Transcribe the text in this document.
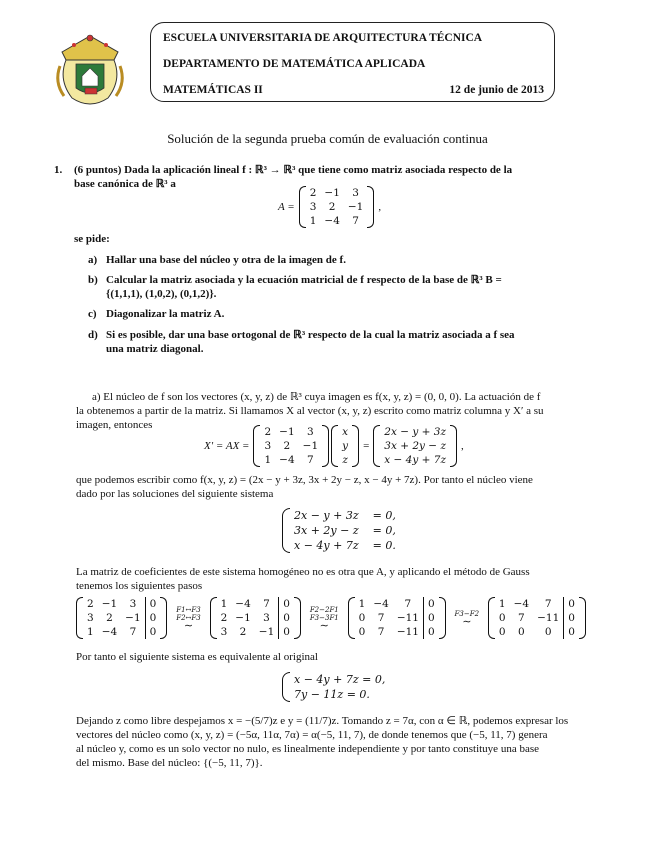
ESCUELA UNIVERSITARIA DE ARQUITECTURA TÉCNICA
DEPARTAMENTO DE MATEMÁTICA APLICADA
MATEMÁTICAS II	12 de junio de 2013
Solución de la segunda prueba común de evaluación continua
1. (6 puntos) Dada la aplicación lineal f : ℝ³ → ℝ³ que tiene como matriz asociada respecto de la
base canónica de ℝ³ a
A =
2	−1	3
3	2	−1
1	−4	7
,
se pide:
a) Hallar una base del núcleo y otra de la imagen de f.
b) Calcular la matriz asociada y la ecuación matricial de f respecto de la base de ℝ³ B =
{(1,1,1), (1,0,2), (0,1,2)}.
c) Diagonalizar la matriz A.
d) Si es posible, dar una base ortogonal de ℝ³ respecto de la cual la matriz asociada a f sea
una matriz diagonal.
a) El núcleo de f son los vectores (x, y, z) de ℝ³ cuya imagen es f(x, y, z) = (0, 0, 0). La actuación de f
la obtenemos a partir de la matriz. Si llamamos X al vector (x, y, z) escrito como matriz columna y X′ a su
imagen, entonces
X′ = AX =
2	−1	3
3	2	−1
1	−4	7
x
y
z
=
2x − y + 3z
3x + 2y − z
x − 4y + 7z
,
que podemos escribir como f(x, y, z) = (2x − y + 3z, 3x + 2y − z, x − 4y + 7z). Por tanto el núcleo viene
dado por las soluciones del siguiente sistema
2x − y + 3z    = 0,
3x + 2y − z    = 0,
x − 4y + 7z    = 0.
La matriz de coeficientes de este sistema homogéneo no es otra que A, y aplicando el método de Gauss
tenemos los siguientes pasos
2	−1	3	0
3	2	−1	0
1	−4	7	0
F1↔F3
F2↔F3
∼
1	−4	7	0
2	−1	3	0
3	2	−1	0
F2−2F1
F3−3F1
∼
1	−4	7	0
0	7	−11	0
0	7	−11	0
F3−F2
∼
1	−4	7	0
0	7	−11	0
0	0	0	0
Por tanto el siguiente sistema es equivalente al original
x − 4y + 7z = 0,
7y − 11z = 0.
Dejando z como libre despejamos x = −(5/7)z e y = (11/7)z. Tomando z = 7α, con α ∈ ℝ, podemos expresar los
vectores del núcleo como (x, y, z) = (−5α, 11α, 7α) = α(−5, 11, 7), de donde tenemos que (−5, 11, 7) genera
al núcleo y, como es un solo vector no nulo, es linealmente independiente y por tanto constituye una base
del mismo. Base del núcleo: {(−5, 11, 7)}.
